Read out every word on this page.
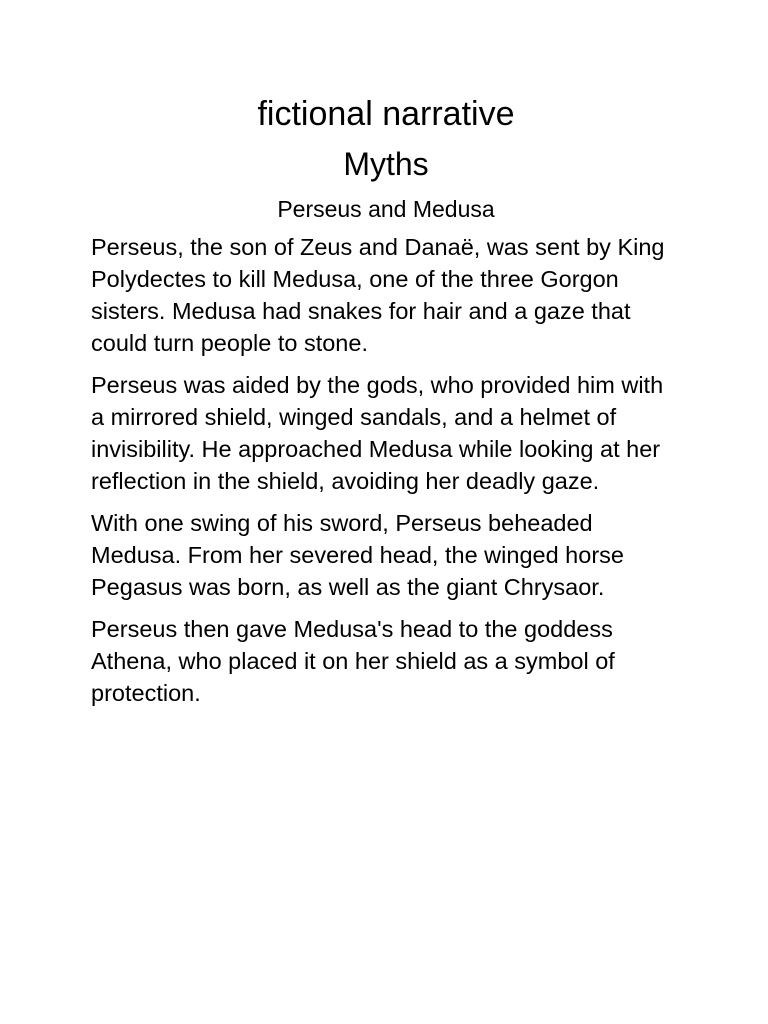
fictional narrative
Myths
Perseus and Medusa

Perseus, the son of Zeus and Danaë, was sent by King Polydectes to kill Medusa, one of the three Gorgon sisters. Medusa had snakes for hair and a gaze that could turn people to stone.

Perseus was aided by the gods, who provided him with a mirrored shield, winged sandals, and a helmet of invisibility. He approached Medusa while looking at her reflection in the shield, avoiding her deadly gaze.

With one swing of his sword, Perseus beheaded Medusa. From her severed head, the winged horse Pegasus was born, as well as the giant Chrysaor.

Perseus then gave Medusa's head to the goddess Athena, who placed it on her shield as a symbol of protection.
